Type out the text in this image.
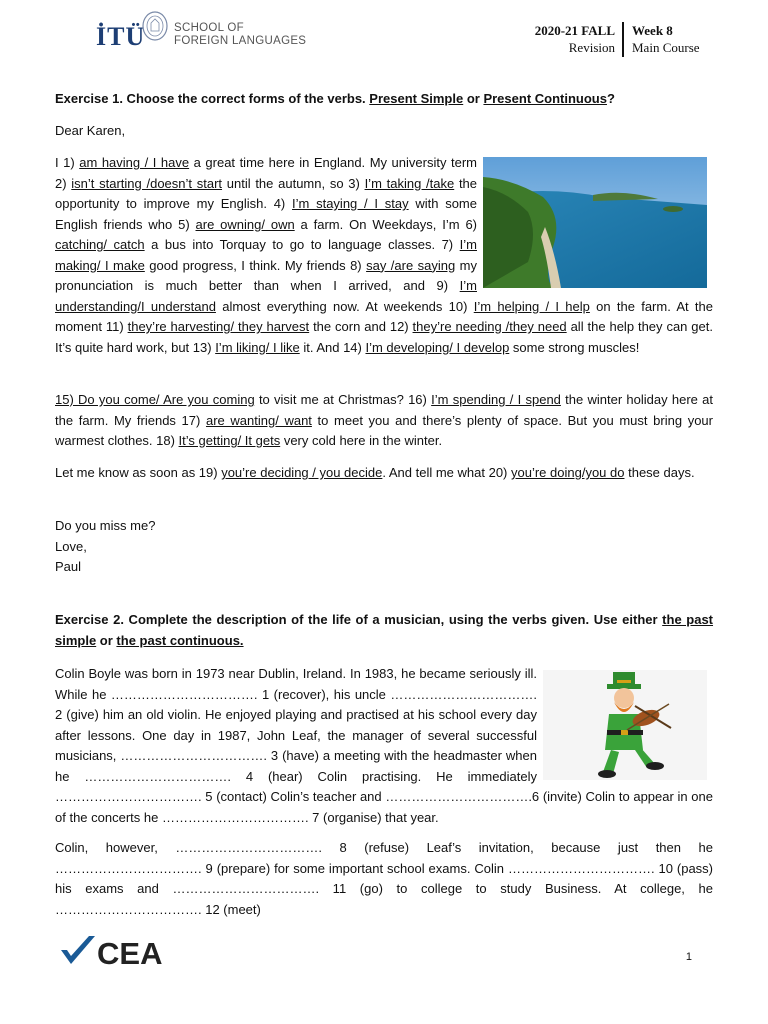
İTÜ	SCHOOL OF
FOREIGN LANGUAGES
2020-21 FALL
Revision
Week 8
Main Course
Exercise 1. Choose the correct forms of the verbs. Present Simple or Present Continuous?
Dear Karen,
I 1) am having / I have a great time here in England. My university term 2) isn’t starting /doesn’t start until the autumn, so 3) I’m taking /take the opportunity to improve my English. 4) I’m staying / I stay with some English friends who 5) are owning/ own a farm. On Weekdays, I’m 6) catching/ catch a bus into Torquay to go to language classes. 7) I’m making/ I make good progress, I think. My friends 8) say /are saying my pronunciation is much better than when I arrived, and 9) I’m understanding/I understand almost everything now. At weekends 10) I’m helping / I help on the farm. At the moment 11) they’re harvesting/ they harvest the corn and 12) they’re needing /they need all the help they can get. It’s quite hard work, but 13) I’m liking/ I like it. And 14) I’m developing/ I develop some strong muscles!
15) Do you come/ Are you coming to visit me at Christmas? 16) I’m spending / I spend the winter holiday here at the farm. My friends 17) are wanting/ want to meet you and there’s plenty of space. But you must bring your warmest clothes. 18) It’s getting/ It gets very cold here in the winter.
Let me know as soon as 19) you’re deciding / you decide. And tell me what 20) you’re doing/you do these days.
Do you miss me?
Love,
Paul
Exercise 2. Complete the description of the life of a musician, using the verbs given. Use either the past simple or the past continuous.
Colin Boyle was born in 1973 near Dublin, Ireland. In 1983, he became seriously ill. While he ……………………………. 1 (recover), his uncle ……………………………. 2 (give) him an old violin. He enjoyed playing and practised at his school every day after lessons. One day in 1987, John Leaf, the manager of several successful musicians, ……………………………. 3 (have) a meeting with the headmaster when he ……………………………. 4 (hear) Colin practising. He immediately ……………………………. 5 (contact) Colin’s teacher and …………………………….6 (invite) Colin to appear in one of the concerts he ……………………………. 7 (organise) that year.
Colin, however, ……………………………. 8 (refuse) Leaf’s invitation, because just then he ……………………………. 9 (prepare) for some important school exams. Colin ……………………………. 10 (pass) his exams and ……………………………. 11 (go) to college to study Business. At college, he ……………………………. 12 (meet)
CEA	1
